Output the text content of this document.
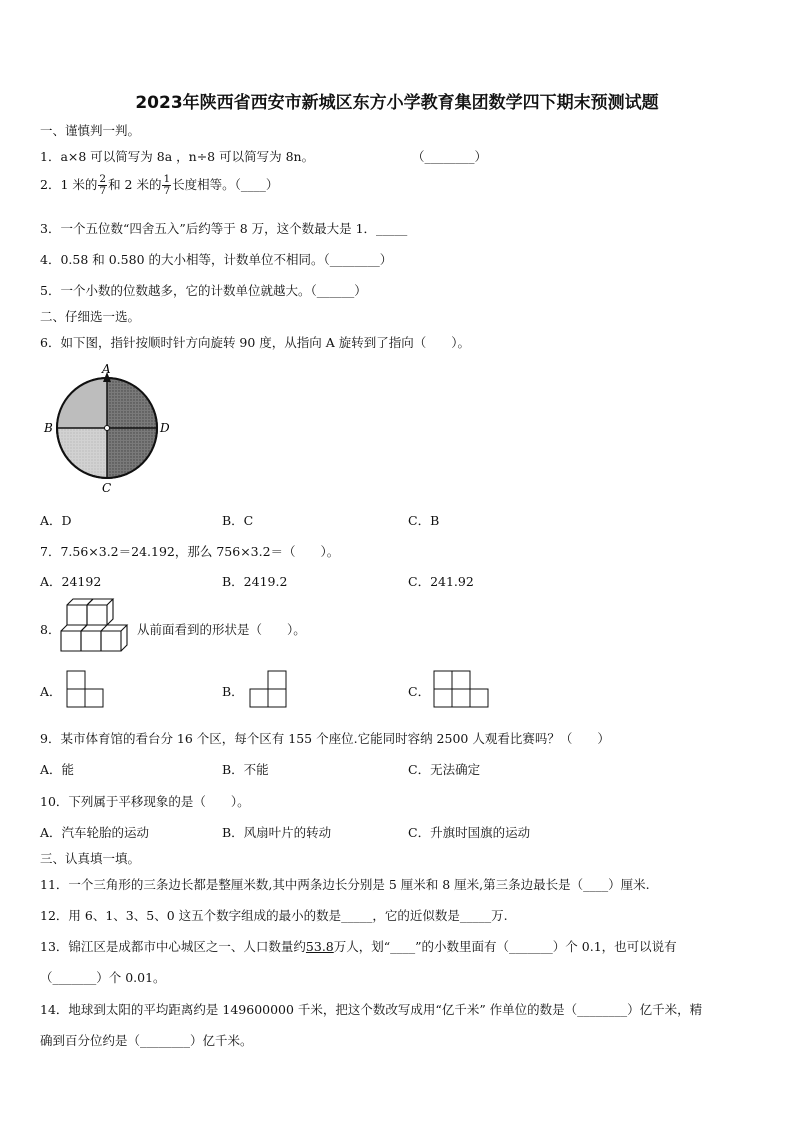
2023年陕西省西安市新城区东方小学教育集团数学四下期末预测试题
一、谨慎判一判。
1．a×8 可以简写为 8a ，n÷8 可以简写为 8n。	（________）
2．1 米的 $\frac{2}{7}$ 和 2 米的 $\frac{1}{7}$ 长度相等。（____）
3．一个五位数“四舍五入”后约等于 8 万，这个数最大是 1．_____
4．0.58 和 0.580 的大小相等，计数单位不相同。（________）
5．一个小数的位数越多，它的计数单位就越大。（______）
二、仔细选一选。
6．如下图，指针按顺时针方向旋转 90 度，从指向 A 旋转到了指向（　　）。
A
B	D
C
A．D	B．C	C．B
7．7.56×3.2＝24.192，那么 756×3.2＝（　　）。
A．24192	B．2419.2	C．241.92
8．	从前面看到的形状是（　　）。
A．	B．	C．
9．某市体育馆的看台分 16 个区，每个区有 155 个座位.它能同时容纳 2500 人观看比赛吗？（　　）
A．能	B．不能	C．无法确定
10．下列属于平移现象的是（　　）。
A．汽车轮胎的运动	B．风扇叶片的转动	C．升旗时国旗的运动
三、认真填一填。
11．一个三角形的三条边长都是整厘米数,其中两条边长分别是 5 厘米和 8 厘米,第三条边最长是（____）厘米.
12．用 6、1、3、5、0 这五个数字组成的最小的数是_____，它的近似数是_____万.
13．锦江区是成都市中心城区之一、人口数量约53.8万人，划“____”的小数里面有（_______）个 0.1，也可以说有
（_______）个 0.01。
14．地球到太阳的平均距离约是 149600000 千米，把这个数改写成用“亿千米” 作单位的数是（________）亿千米，精
确到百分位约是（________）亿千米。
